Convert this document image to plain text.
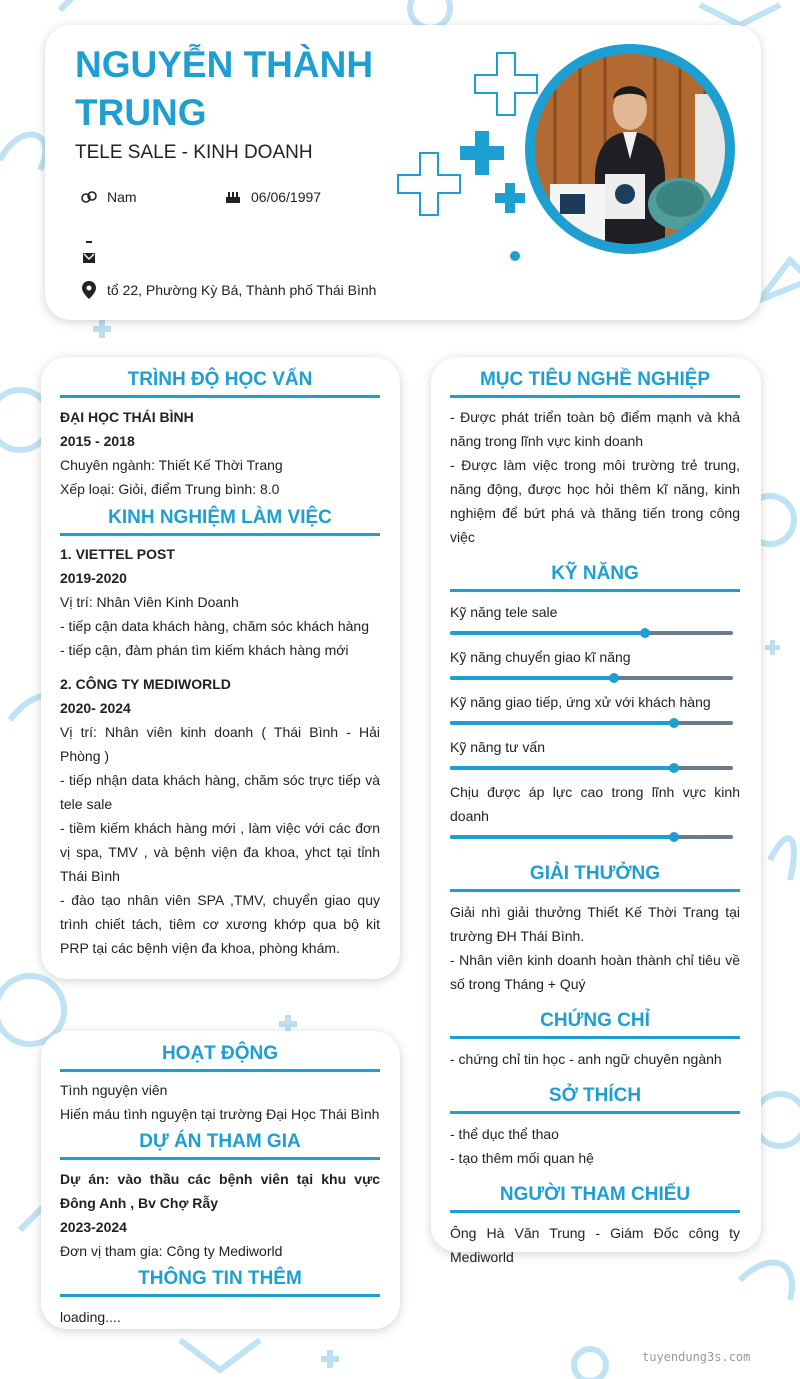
NGUYỄN THÀNH TRUNG
TELE SALE - KINH DOANH
Nam	06/06/1997
tổ 22, Phường Kỳ Bá, Thành phố Thái Bình
TRÌNH ĐỘ HỌC VẤN
ĐẠI HỌC THÁI BÌNH
2015 - 2018
Chuyên ngành: Thiết Kế Thời Trang
Xếp loại: Giỏi, điểm Trung bình: 8.0
KINH NGHIỆM LÀM VIỆC
1. VIETTEL POST
2019-2020
Vị trí: Nhân Viên Kinh Doanh
- tiếp cận data khách hàng, chăm sóc khách hàng
- tiếp cận, đàm phán tìm kiếm khách hàng mới
2. CÔNG TY MEDIWORLD
2020- 2024
Vị trí: Nhân viên kinh doanh ( Thái Bình - Hải Phòng )
- tiếp nhận data khách hàng, chăm sóc trực tiếp và tele sale
- tiềm kiếm khách hàng mới , làm việc với các đơn vị spa, TMV , và bệnh viện đa khoa, yhct tại tỉnh Thái Bình
- đào tạo nhân viên SPA ,TMV, chuyển giao quy trình chiết tách, tiêm cơ xương khớp qua bộ kit PRP tại các bệnh viện đa khoa, phòng khám.
HOẠT ĐỘNG
Tình nguyện viên
Hiến máu tình nguyện tại trường Đại Học Thái Bình
DỰ ÁN THAM GIA
Dự án: vào thầu các bệnh viên tại khu vực Đông Anh , Bv Chợ Rẫy
2023-2024
Đơn vị tham gia: Công ty Mediworld
THÔNG TIN THÊM
loading....
MỤC TIÊU NGHỀ NGHIỆP
- Được phát triển toàn bộ điểm mạnh và khả năng trong lĩnh vực kinh doanh
- Được làm việc trong môi trường trẻ trung, năng động, được học hỏi thêm kĩ năng, kinh nghiệm để bứt phá và thăng tiến trong công việc
KỸ NĂNG
Kỹ năng tele sale
Kỹ năng chuyển giao kĩ năng
Kỹ năng giao tiếp, ứng xử với khách hàng
Kỹ năng tư vấn
Chịu được áp lực cao trong lĩnh vực kinh doanh
GIẢI THƯỞNG
Giải nhì giải thưởng Thiết Kế Thời Trang tại trường ĐH Thái Bình.
- Nhân viên kinh doanh hoàn thành chỉ tiêu về số trong Tháng + Quý
CHỨNG CHỈ
- chứng chỉ tin học - anh ngữ chuyên ngành
SỞ THÍCH
- thể dục thể thao
- tạo thêm mối quan hệ
NGƯỜI THAM CHIẾU
Ông Hà Văn Trung - Giám Đốc công ty Mediworld
tuyendung3s.com
